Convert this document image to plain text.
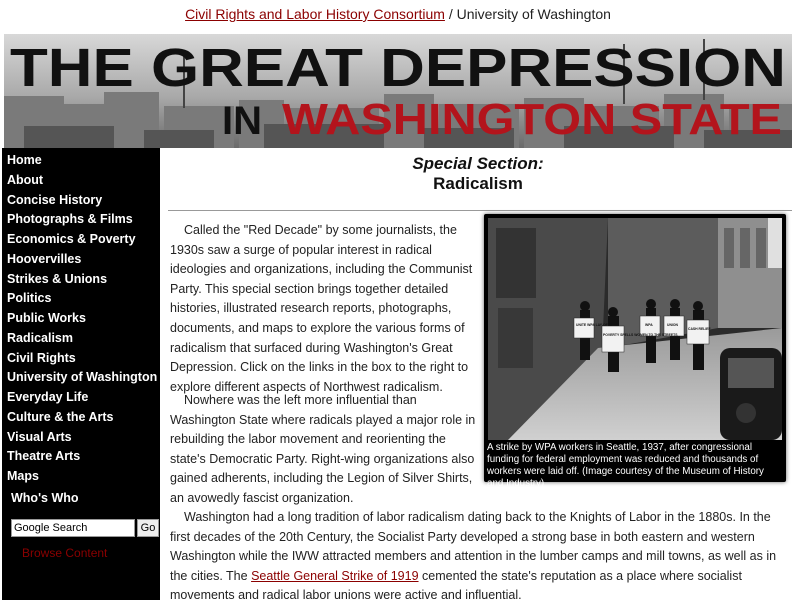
Civil Rights and Labor History Consortium / University of Washington
THE GREAT DEPRESSION
IN WASHINGTON STATE
Home
About
Concise History
Photographs & Films
Economics & Poverty
Hoovervilles
Strikes & Unions
Politics
Public Works
Radicalism
Civil Rights
University of Washington
Everyday Life
Culture & the Arts
Visual Arts
Theatre Arts
Maps
Who's Who
Google Search
Go
Browse Content
Special Section:
Radicalism

Called the "Red Decade" by some journalists, the 1930s saw a surge of popular interest in radical ideologies and organizations, including the Communist Party. This special section brings together detailed histories, illustrated research reports, photographs, documents, and maps to explore the various forms of radicalism that surfaced during Washington's Great Depression. Click on the links in the box to the right to explore different aspects of Northwest radicalism.

Nowhere was the left more influential than Washington State where radicals played a major role in rebuilding the labor movement and reorienting the state's Democratic Party. Right-wing organizations also gained adherents, including the Legion of Silver Shirts, an avowedly fascist organization.

Washington had a long tradition of labor radicalism dating back to the Knights of Labor in the 1880s. In the first decades of the 20th Century, the Socialist Party developed a strong base in both eastern and western Washington while the IWW attracted members and attention in the lumber camps and mill towns, as well as in the cities. The Seattle General Strike of 1919 cemented the state's reputation as a place where socialist movements and radical labor unions were active and influential.

UNITE WPA LAY-OFFS
POVERTY SPELLS WOMEN TO THE STREETS
WPA	UNION
CASH RELIEF
A strike by WPA workers in Seattle, 1937, after congressional funding for federal employment was reduced and thousands of workers were laid off. (Image courtesy of the Museum of History and Industry)
